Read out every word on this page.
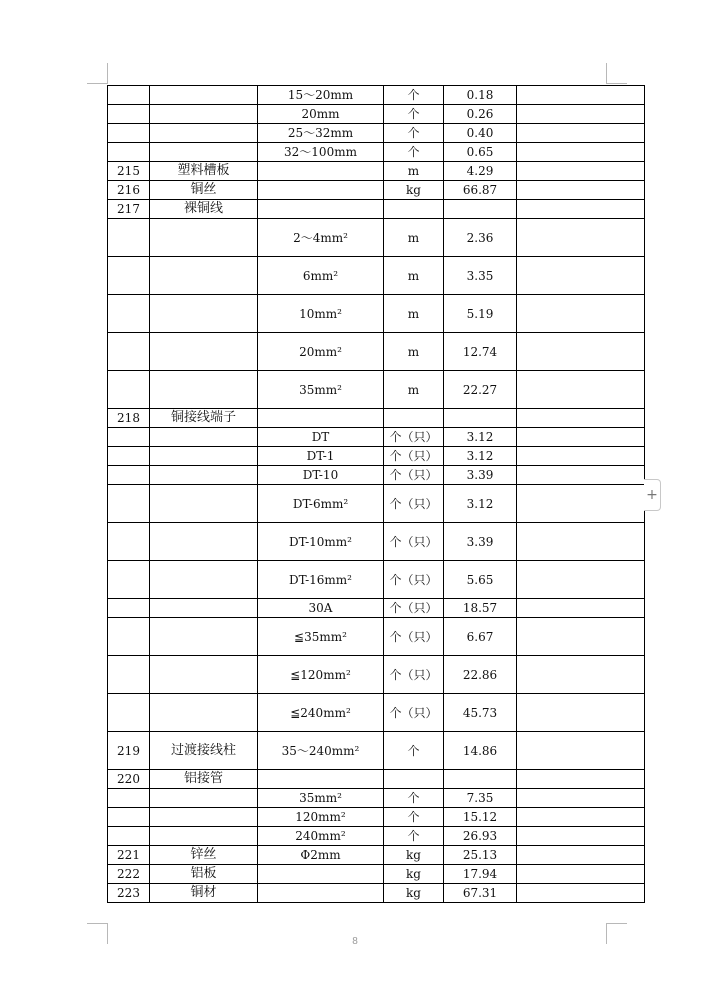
		15～20mm	个	0.18	
		20mm	个	0.26	
		25～32mm	个	0.40	
		32～100mm	个	0.65	
215	塑料槽板		m	4.29	
216	铜丝		kg	66.87	
217	裸铜线				
		2～4mm²	m	2.36	
		6mm²	m	3.35	
		10mm²	m	5.19	
		20mm²	m	12.74	
		35mm²	m	22.27	
218	铜接线端子				
		DT	个（只）	3.12	
		DT-1	个（只）	3.12	
		DT-10	个（只）	3.39	
		DT-6mm²	个（只）	3.12	
		DT-10mm²	个（只）	3.39	
		DT-16mm²	个（只）	5.65	
		30A	个（只）	18.57	
		≦35mm²	个（只）	6.67	
		≦120mm²	个（只）	22.86	
		≦240mm²	个（只）	45.73	
219	过渡接线柱	35～240mm²	个	14.86	
220	铝接管				
		35mm²	个	7.35	
		120mm²	个	15.12	
		240mm²	个	26.93	
221	锌丝	Φ2mm	kg	25.13	
222	铝板		kg	17.94	
223	铜材		kg	67.31	
8
+
